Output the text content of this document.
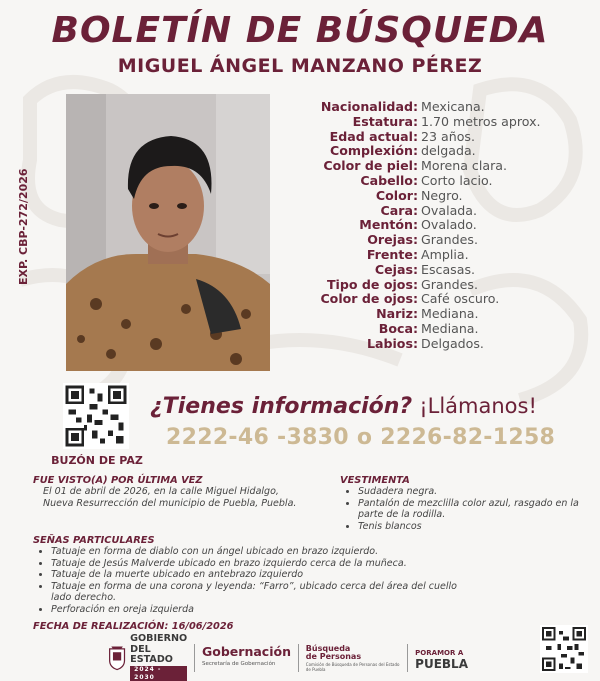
BOLETÍN DE BÚSQUEDA
MIGUEL ÁNGEL MANZANO PÉREZ
EXP. CBP-272/2026
Nacionalidad: Mexicana.
Estatura: 1.70 metros aprox.
Edad actual: 23 años.
Complexión: delgada.
Color de piel: Morena clara.
Cabello: Corto lacio.
Color: Negro.
Cara: Ovalada.
Mentón: Ovalado.
Orejas: Grandes.
Frente: Amplia.
Cejas: Escasas.
Tipo de ojos: Grandes.
Color de ojos: Café oscuro.
Nariz: Mediana.
Boca: Mediana.
Labios: Delgados.
BUZÓN DE PAZ
¿Tienes información? ¡Llámanos!
2222-46 -3830 o 2226-82-1258
FUE VISTO(A) POR ÚLTIMA VEZ
El 01 de abril de 2026, en la calle Miguel Hidalgo, Nueva Resurrección del municipio de Puebla, Puebla.
VESTIMENTA
• Sudadera negra.
• Pantalón de mezclilla color azul, rasgado en la parte de la rodilla.
• Tenis blancos
SEÑAS PARTICULARES
• Tatuaje en forma de diablo con un ángel ubicado en brazo izquierdo.
• Tatuaje de Jesús Malverde ubicado en brazo izquierdo cerca de la muñeca.
• Tatuaje de la muerte ubicado en antebrazo izquierdo
• Tatuaje en forma de una corona y leyenda: “Farro”, ubicado cerca del área del cuello lado derecho.
• Perforación en oreja izquierda
FECHA DE REALIZACIÓN: 16/06/2026
GOBIERNO
DEL ESTADO
2024 - 2030
Gobernación
Secretaría de Gobernación
Búsqueda
de Personas
Comisión de Búsqueda de Personas del Estado de Puebla
PORAMOR A
PUEBLA
